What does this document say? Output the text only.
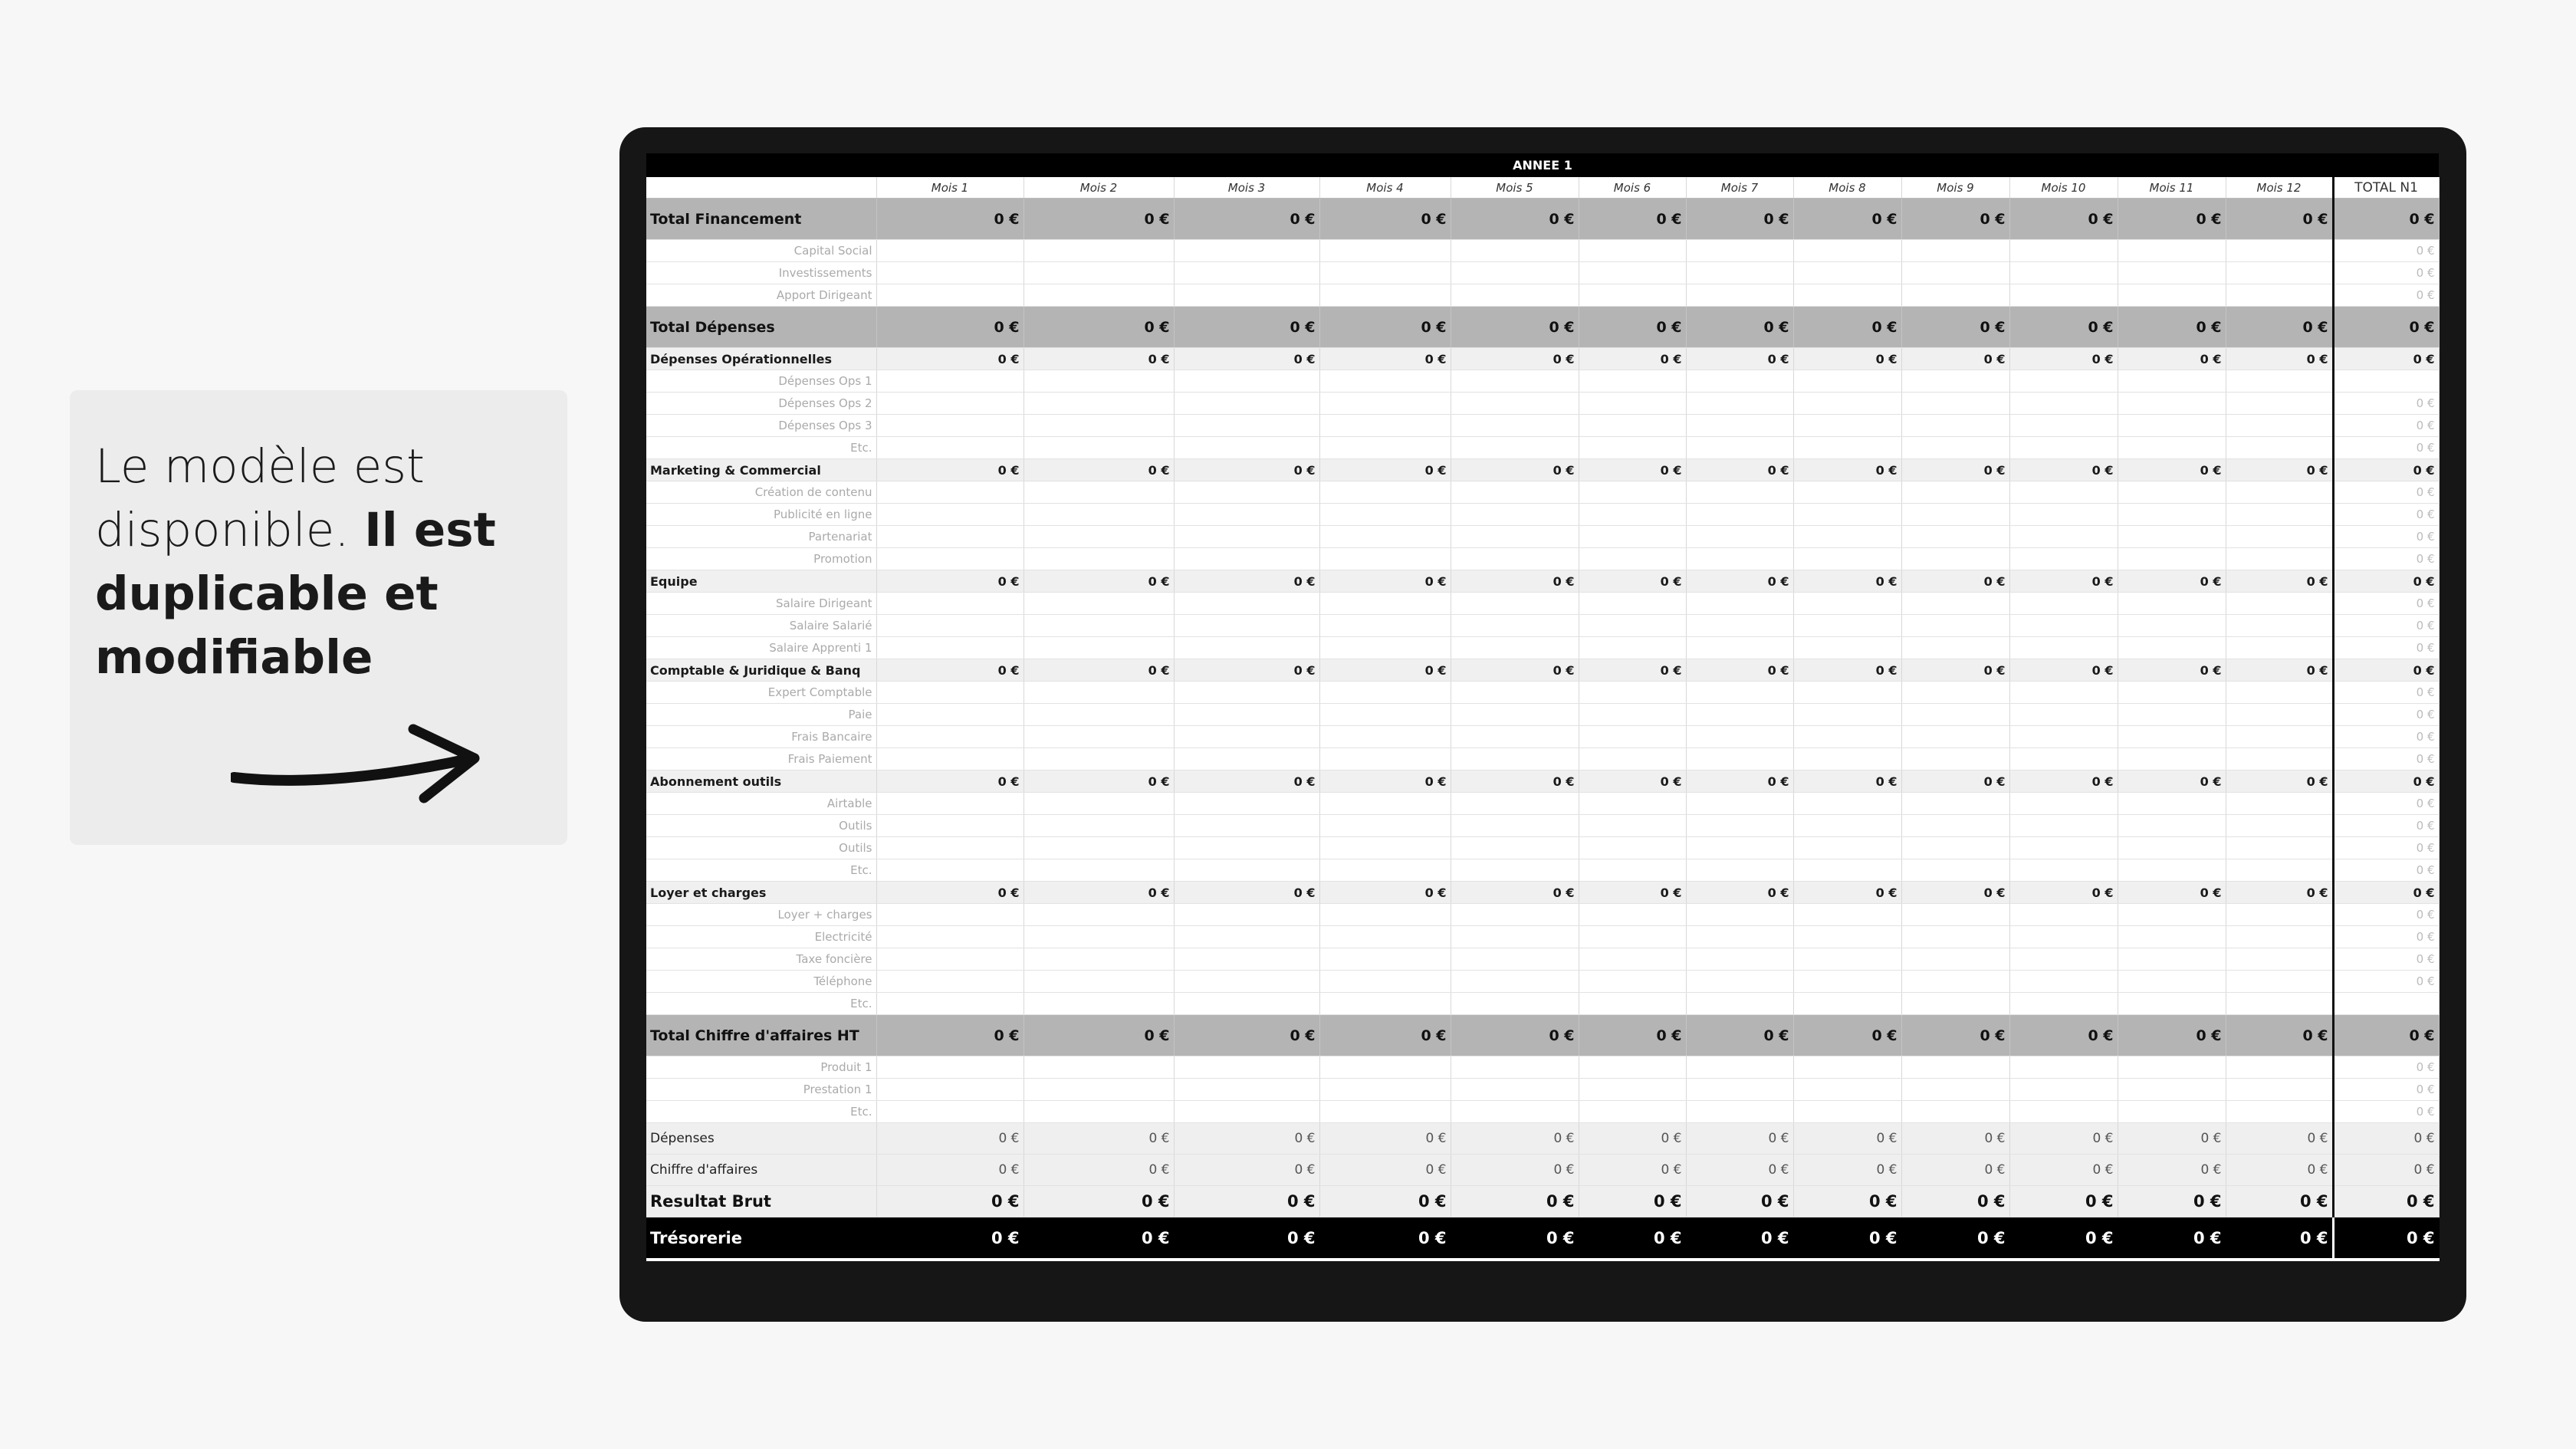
Le modèle est disponible. Il est duplicable et modifiable
ANNEE 1													
	Mois 1	Mois 2	Mois 3	Mois 4	Mois 5	Mois 6	Mois 7	Mois 8	Mois 9	Mois 10	Mois 11	Mois 12	TOTAL N1
Total Financement	0 €	0 €	0 €	0 €	0 €	0 €	0 €	0 €	0 €	0 €	0 €	0 €	0 €
Capital Social													0 €
Investissements													0 €
Apport Dirigeant													0 €
Total Dépenses	0 €	0 €	0 €	0 €	0 €	0 €	0 €	0 €	0 €	0 €	0 €	0 €	0 €
Dépenses Opérationnelles	0 €	0 €	0 €	0 €	0 €	0 €	0 €	0 €	0 €	0 €	0 €	0 €	0 €
Dépenses Ops 1													
Dépenses Ops 2													0 €
Dépenses Ops 3													0 €
Etc.													0 €
Marketing & Commercial	0 €	0 €	0 €	0 €	0 €	0 €	0 €	0 €	0 €	0 €	0 €	0 €	0 €
Création de contenu													0 €
Publicité en ligne													0 €
Partenariat													0 €
Promotion													0 €
Equipe	0 €	0 €	0 €	0 €	0 €	0 €	0 €	0 €	0 €	0 €	0 €	0 €	0 €
Salaire Dirigeant													0 €
Salaire Salarié													0 €
Salaire Apprenti 1													0 €
Comptable & Juridique & Banq	0 €	0 €	0 €	0 €	0 €	0 €	0 €	0 €	0 €	0 €	0 €	0 €	0 €
Expert Comptable													0 €
Paie													0 €
Frais Bancaire													0 €
Frais Paiement													0 €
Abonnement outils	0 €	0 €	0 €	0 €	0 €	0 €	0 €	0 €	0 €	0 €	0 €	0 €	0 €
Airtable													0 €
Outils													0 €
Outils													0 €
Etc.													0 €
Loyer et charges	0 €	0 €	0 €	0 €	0 €	0 €	0 €	0 €	0 €	0 €	0 €	0 €	0 €
Loyer + charges													0 €
Electricité													0 €
Taxe foncière													0 €
Téléphone													0 €
Etc.													
Total Chiffre d'affaires HT	0 €	0 €	0 €	0 €	0 €	0 €	0 €	0 €	0 €	0 €	0 €	0 €	0 €
Produit 1													0 €
Prestation 1													0 €
Etc.													0 €
Dépenses	0 €	0 €	0 €	0 €	0 €	0 €	0 €	0 €	0 €	0 €	0 €	0 €	0 €
Chiffre d'affaires	0 €	0 €	0 €	0 €	0 €	0 €	0 €	0 €	0 €	0 €	0 €	0 €	0 €
Resultat Brut	0 €	0 €	0 €	0 €	0 €	0 €	0 €	0 €	0 €	0 €	0 €	0 €	0 €
Trésorerie	0 €	0 €	0 €	0 €	0 €	0 €	0 €	0 €	0 €	0 €	0 €	0 €	0 €
